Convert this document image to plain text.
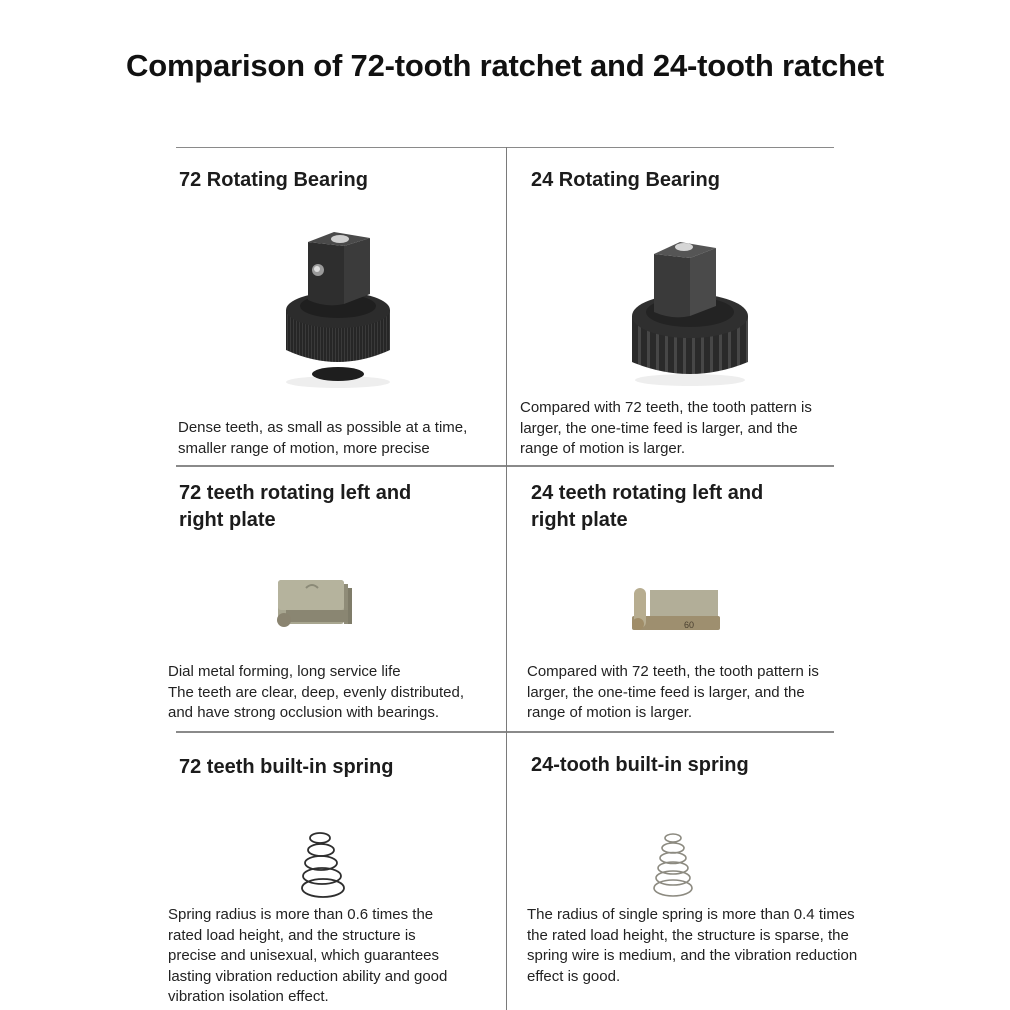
Comparison of 72-tooth ratchet and 24-tooth ratchet
72 Rotating Bearing
Dense teeth, as small as possible at a time,
smaller range of motion, more precise
24 Rotating Bearing
Compared with 72 teeth, the tooth pattern is
larger, the one-time feed is larger, and the
range of motion is larger.
72 teeth rotating left and
right plate
Dial metal forming, long service life
The teeth are clear, deep, evenly distributed,
and have strong occlusion with bearings.
24 teeth rotating left and
right plate
60
Compared with 72 teeth, the tooth pattern is
larger, the one-time feed is larger, and the
range of motion is larger.
72 teeth built-in spring
Spring radius is more than 0.6 times the
rated load height, and the structure is
precise and unisexual, which guarantees
lasting vibration reduction ability and good
vibration isolation effect.
24-tooth built-in spring
The radius of single spring is more than 0.4 times
the rated load height, the structure is sparse, the
spring wire is medium, and the vibration reduction
effect is good.
